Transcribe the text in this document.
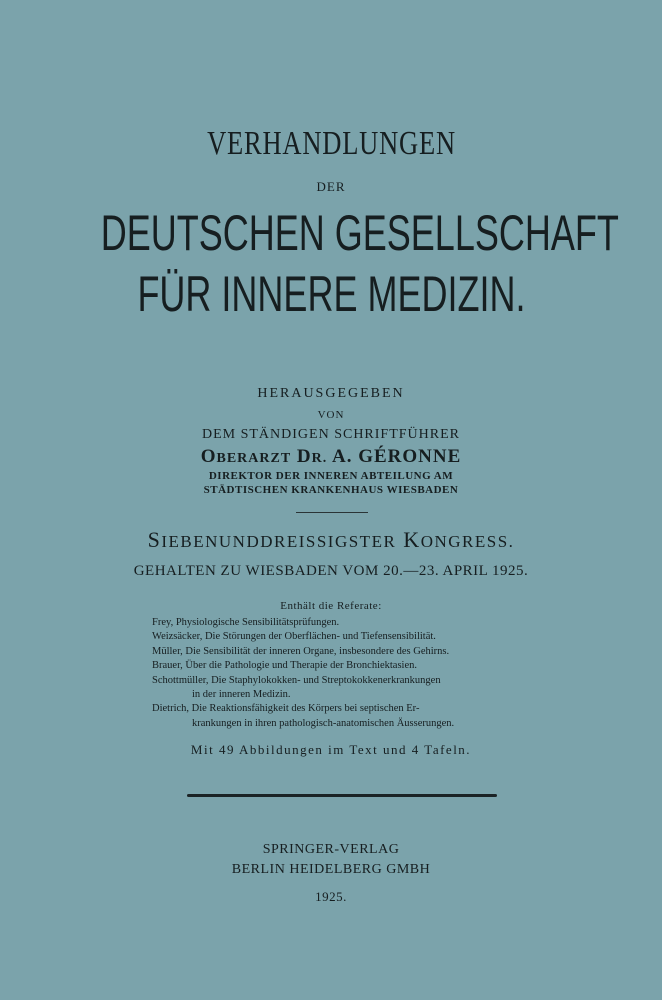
VERHANDLUNGEN
DER
DEUTSCHEN GESELLSCHAFT
FÜR INNERE MEDIZIN.
HERAUSGEGEBEN
VON
DEM STÄNDIGEN SCHRIFTFÜHRER
OBERARZT DR. A. GÉRONNE
DIREKTOR DER INNEREN ABTEILUNG AM
STÄDTISCHEN KRANKENHAUS WIESBADEN
SIEBENUNDDREISSIGSTER KONGRESS.
GEHALTEN ZU WIESBADEN VOM 20.—23. APRIL 1925.
Enthält die Referate:
Frey, Physiologische Sensibilitätsprüfungen.
Weizsäcker, Die Störungen der Oberflächen- und Tiefensensibilität.
Müller, Die Sensibilität der inneren Organe, insbesondere des Gehirns.
Brauer, Über die Pathologie und Therapie der Bronchiektasien.
Schottmüller, Die Staphylokokken- und Streptokokkenerkrankungen
in der inneren Medizin.
Dietrich, Die Reaktionsfähigkeit des Körpers bei septischen Er-
krankungen in ihren pathologisch-anatomischen Äusserungen.
Mit 49 Abbildungen im Text und 4 Tafeln.
SPRINGER-VERLAG
BERLIN HEIDELBERG GMBH
1925.
